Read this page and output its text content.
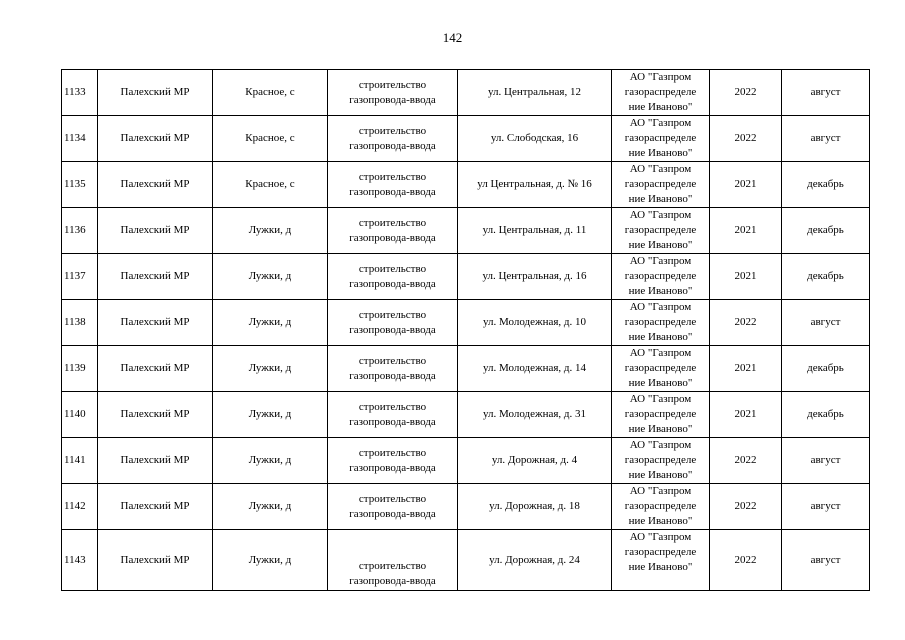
142
1133	Палехский МР	Красное, с	строительство
газопровода-ввода	ул. Центральная, 12	АО "Газпром
газораспределе
ние Иваново"	2022	август

1134	Палехский МР	Красное, с	строительство
газопровода-ввода	ул. Слободская, 16	АО "Газпром
газораспределе
ние Иваново"	2022	август

1135	Палехский МР	Красное, с	строительство
газопровода-ввода	ул Центральная, д. № 16	АО "Газпром
газораспределе
ние Иваново"	2021	декабрь

1136	Палехский МР	Лужки, д	строительство
газопровода-ввода	ул. Центральная, д. 11	АО "Газпром
газораспределе
ние Иваново"	2021	декабрь

1137	Палехский МР	Лужки, д	строительство
газопровода-ввода	ул. Центральная, д. 16	АО "Газпром
газораспределе
ние Иваново"	2021	декабрь

1138	Палехский МР	Лужки, д	строительство
газопровода-ввода	ул. Молодежная, д. 10	АО "Газпром
газораспределе
ние Иваново"	2022	август

1139	Палехский МР	Лужки, д	строительство
газопровода-ввода	ул. Молодежная, д. 14	АО "Газпром
газораспределе
ние Иваново"	2021	декабрь

1140	Палехский МР	Лужки, д	строительство
газопровода-ввода	ул. Молодежная, д. 31	АО "Газпром
газораспределе
ние Иваново"	2021	декабрь

1141	Палехский МР	Лужки, д	строительство
газопровода-ввода	ул. Дорожная, д. 4	АО "Газпром
газораспределе
ние Иваново"	2022	август

1142	Палехский МР	Лужки, д	строительство
газопровода-ввода	ул. Дорожная, д. 18	АО "Газпром
газораспределе
ние Иваново"	2022	август

1143	Палехский МР	Лужки, д	строительство
газопровода-ввода	ул. Дорожная, д. 24	АО "Газпром
газораспределе
ние Иваново"	2022	август
